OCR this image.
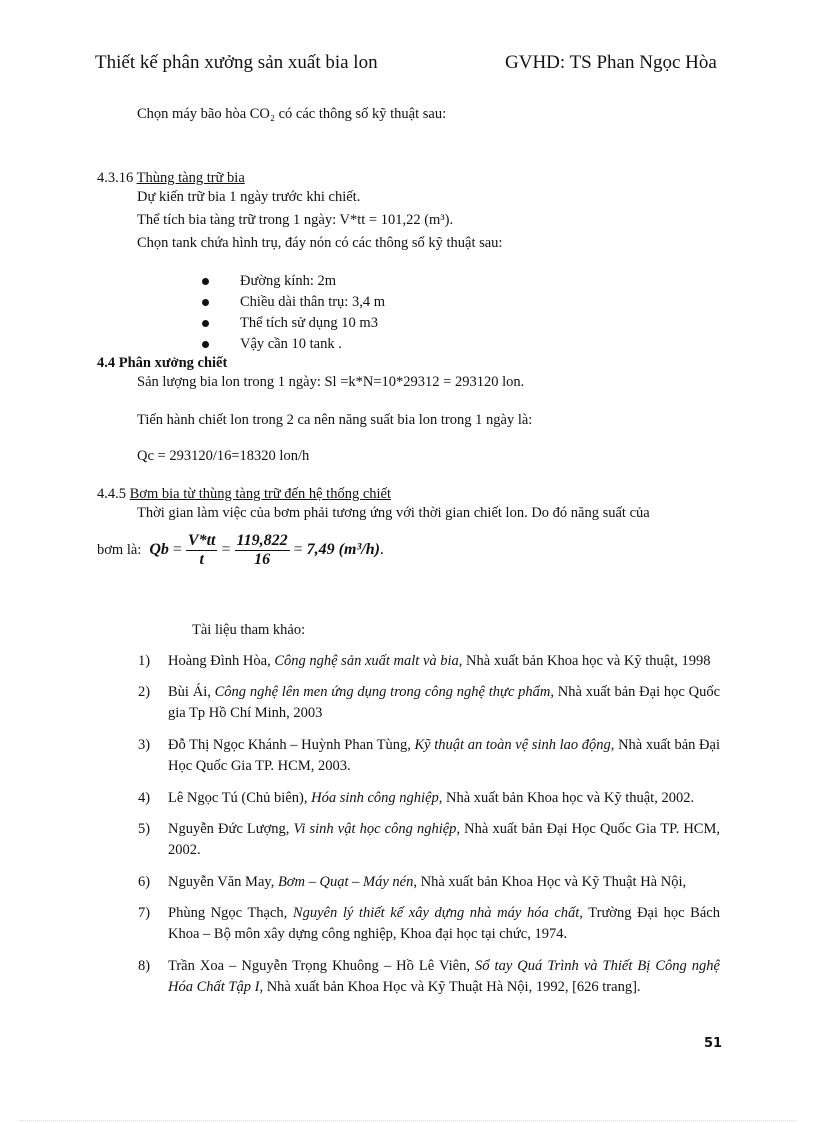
Thiết kế phân xưởng sản xuất bia lon	GVHD: TS Phan Ngọc Hòa
Chọn máy bão hòa CO₂ có các thông số kỹ thuật sau:
4.3.16 Thùng tàng trữ bia
Dự kiến trữ bia 1 ngày trước khi chiết.
Thể tích bia tàng trữ trong 1 ngày: V*tt = 101,22 (m³).
Chọn tank chứa hình trụ, đáy nón có các thông số kỹ thuật sau:
Đường kính: 2m
Chiều dài thân trụ: 3,4 m
Thể tích sử dụng 10 m3
Vậy cần 10 tank .
4.4 Phân xưởng chiết
Sản lượng bia lon trong 1 ngày: Sl =k*N=10*29312 = 293120 lon.
Tiến hành chiết lon trong 2 ca nên năng suất bia lon trong 1 ngày là:
Qc = 293120/16=18320 lon/h
4.4.5 Bơm bia từ thùng tàng trữ đến hệ thống chiết
Thời gian làm việc của bơm phải tương ứng với thời gian chiết lon. Do đó năng suất của
bơm là: $Qb = \frac{V*tt}{t} = \frac{119,822}{16} = 7,49$ (m³/h).
Tài liệu tham khảo:
1) Hoàng Đình Hòa, Công nghệ sản xuất malt và bia, Nhà xuất bản Khoa học và Kỹ thuật, 1998
2) Bùi Ái, Công nghệ lên men ứng dụng trong công nghệ thực phẩm, Nhà xuất bản Đại học Quốc gia Tp Hồ Chí Minh, 2003
3) Đỗ Thị Ngọc Khánh – Huỳnh Phan Tùng, Kỹ thuật an toàn vệ sinh lao động, Nhà xuất bản Đại Học Quốc Gia TP. HCM, 2003.
4) Lê Ngọc Tú (Chủ biên), Hóa sinh công nghiệp, Nhà xuất bản Khoa học và Kỹ thuật, 2002.
5) Nguyễn Đức Lượng, Vi sinh vật học công nghiệp, Nhà xuất bản Đại Học Quốc Gia TP. HCM, 2002.
6) Nguyễn Văn May, Bơm – Quạt – Máy nén, Nhà xuất bản Khoa Học và Kỹ Thuật Hà Nội,
7) Phùng Ngọc Thạch, Nguyên lý thiết kế xây dựng nhà máy hóa chất, Trường Đại học Bách Khoa – Bộ môn xây dựng công nghiệp, Khoa đại học tại chức, 1974.
8) Trần Xoa – Nguyễn Trọng Khuông – Hồ Lê Viên, Sổ tay Quá Trình và Thiết Bị Công nghệ Hóa Chất Tập I, Nhà xuất bản Khoa Học và Kỹ Thuật Hà Nội, 1992, [626 trang].
51
